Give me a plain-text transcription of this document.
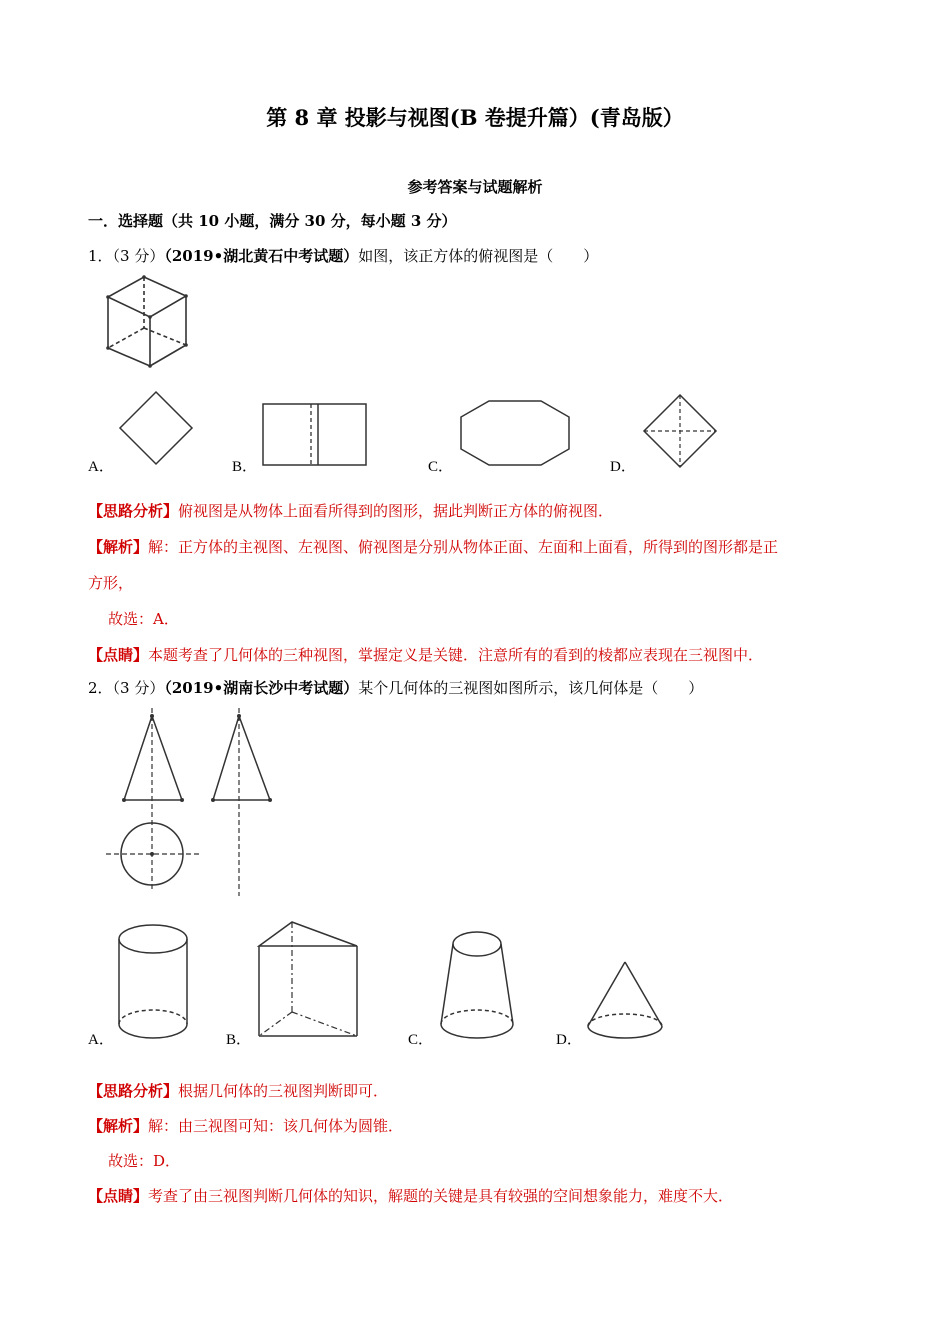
第 8 章 投影与视图(B 卷提升篇）(青岛版）
参考答案与试题解析
一．选择题（共 10 小题，满分 30 分，每小题 3 分）
1．（3 分）（2019•湖北黄石中考试题）如图，该正方体的俯视图是（　　）
A．	B．	C．	D．
【思路分析】俯视图是从物体上面看所得到的图形，据此判断正方体的俯视图．
【解析】解：正方体的主视图、左视图、俯视图是分别从物体正面、左面和上面看，所得到的图形都是正
方形，
故选：A．
【点睛】本题考查了几何体的三种视图，掌握定义是关键．注意所有的看到的棱都应表现在三视图中．
2．（3 分）（2019•湖南长沙中考试题）某个几何体的三视图如图所示，该几何体是（　　）
A．	B．	C．	D．
【思路分析】根据几何体的三视图判断即可．
【解析】解：由三视图可知：该几何体为圆锥．
故选：D．
【点睛】考查了由三视图判断几何体的知识，解题的关键是具有较强的空间想象能力，难度不大．
